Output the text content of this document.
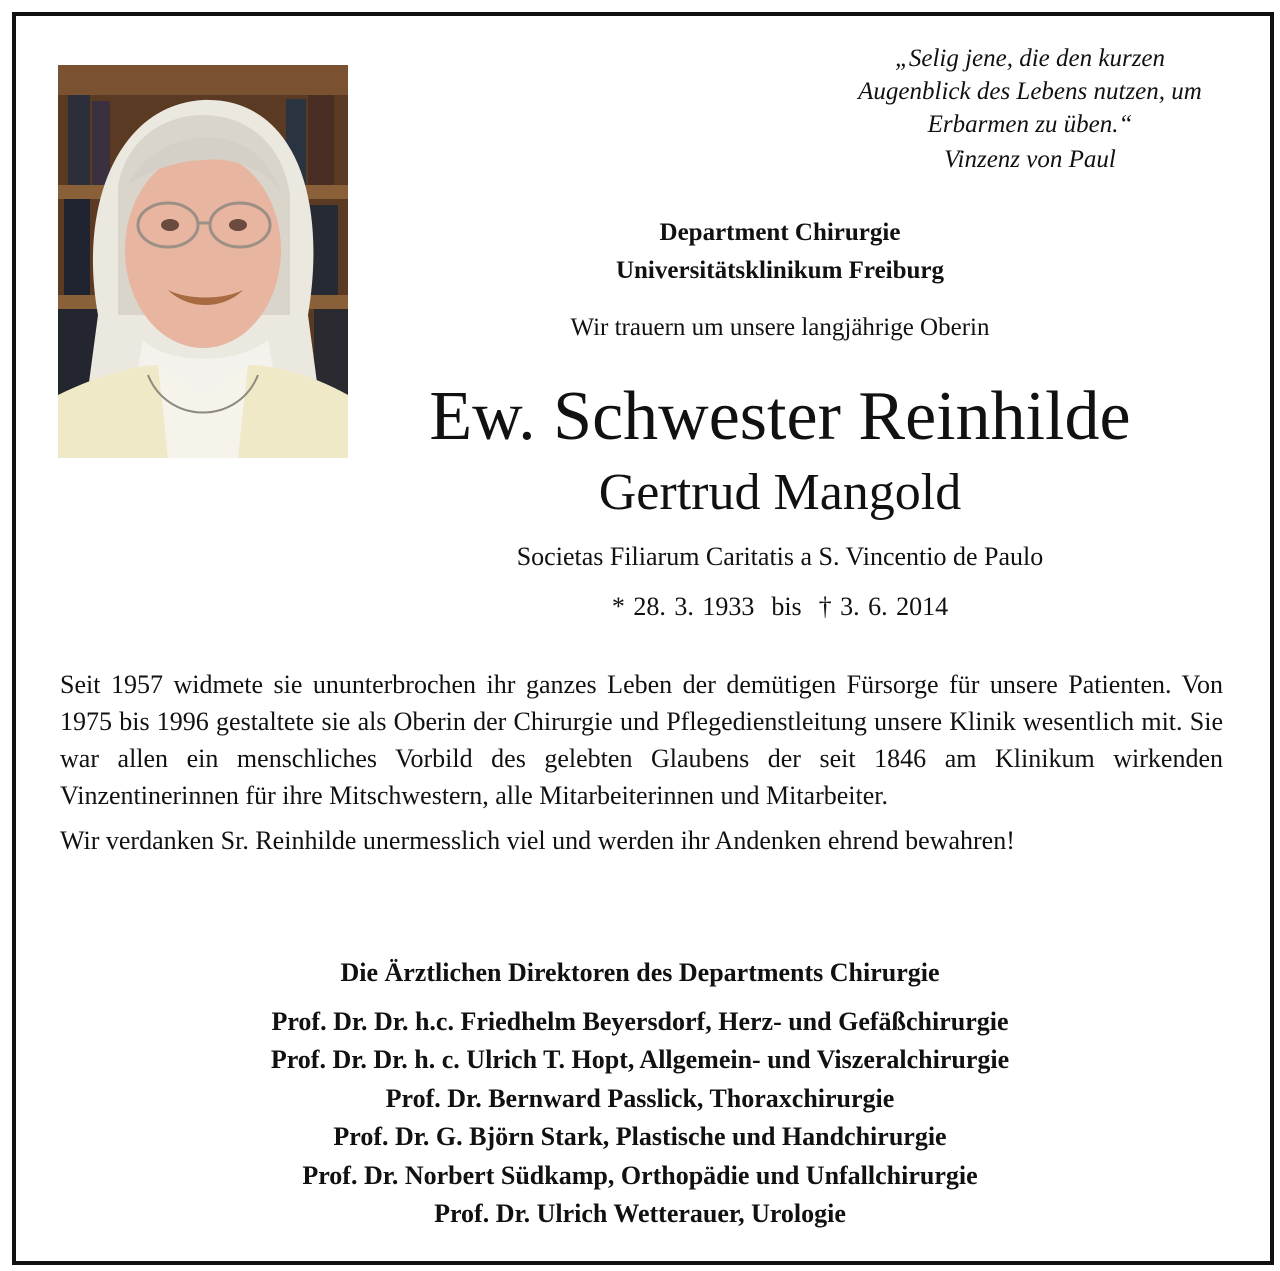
„Selig jene, die den kurzen
Augenblick des Lebens nutzen, um
Erbarmen zu üben.“
Vinzenz von Paul
Department Chirurgie
Universitätsklinikum Freiburg
Wir trauern um unsere langjährige Oberin
Ew. Schwester Reinhilde
Gertrud Mangold
Societas Filiarum Caritatis a S. Vincentio de Paulo
* 28. 3. 1933  bis  † 3. 6. 2014

Seit 1957 widmete sie ununterbrochen ihr ganzes Leben der demütigen Fürsorge für unsere Patienten. Von 1975 bis 1996 gestaltete sie als Oberin der Chirurgie und Pflegedienstleitung unsere Klinik wesentlich mit. Sie war allen ein menschliches Vorbild des gelebten Glaubens der seit 1846 am Klinikum wirkenden Vinzentinerinnen für ihre Mitschwestern, alle Mitarbeiterinnen und Mitarbeiter.

Wir verdanken Sr. Reinhilde unermesslich viel und werden ihr Andenken ehrend bewahren!

Die Ärztlichen Direktoren des Departments Chirurgie
Prof. Dr. Dr. h.c. Friedhelm Beyersdorf, Herz- und Gefäßchirurgie
Prof. Dr. Dr. h. c. Ulrich T. Hopt, Allgemein- und Viszeralchirurgie
Prof. Dr. Bernward Passlick, Thoraxchirurgie
Prof. Dr. G. Björn Stark, Plastische und Handchirurgie
Prof. Dr. Norbert Südkamp, Orthopädie und Unfallchirurgie
Prof. Dr. Ulrich Wetterauer, Urologie
